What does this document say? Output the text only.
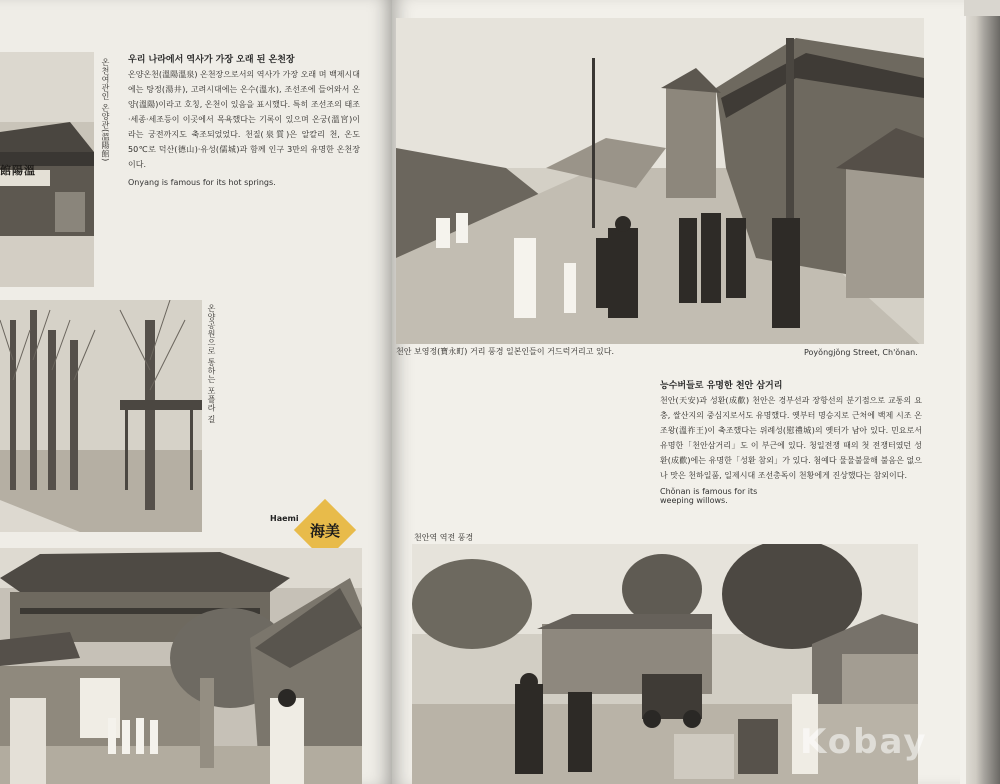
館陽溫
온천여관인 온양관(溫陽館) 우리 나라에서 역사가 가장 오래 된 온천장
온양온천(溫陽溫泉) 온천장으로서의 역사가 가장 오래 며 백제시대에는 탕정(湯井), 고려시대에는 온수(溫水), 조선조에 들어와서 온양(溫陽)이라고 호칭, 온천이 있음을 표시했다. 특히 조선조의 태조·세종·세조등이 이곳에서 목욕했다는 기록이 있으며 온궁(溫宮)이라는 궁전까지도 축조되었었다. 천질(泉質)은 알칼리 천, 온도 50℃로 덕산(德山)·유성(儒城)과 함께 인구 3만의 유명한 온천장이다.
Onyang is famous for its hot springs.
온양공원으로 통하는 포플라 길
Haemi
海美
천안 보영정(寶永町) 거리 풍경 일본인들이 거드럭거리고 있다.	Poyŏngjŏng Street, Ch'ŏnan.
능수버들로 유명한 천안 삼거리
천안(天安)과 성환(成歡) 천안은 경부선과 장항선의 분기점으로 교통의 요충, 쌀산지의 중심지로서도 유명했다. 옛부터 명승지로 근처에 백제 시조 온조왕(溫祚王)이 축조했다는 위례성(慰禮城)의 옛터가 남아 있다. 민요로서 유명한「천안삼거리」도 이 부근에 있다. 청일전쟁 때의 첫 전쟁터였던 성환(成歡)에는 유명한「성환 참외」가 있다. 첨예다 물물불물해 불음은 없으나 맛은 천하일품, 일제시대 조선총독이 천황에게 진상했다는 참외이다.
Chŏnan is famous for its weeping willows.
천안역 역전 풍경
Kobay
